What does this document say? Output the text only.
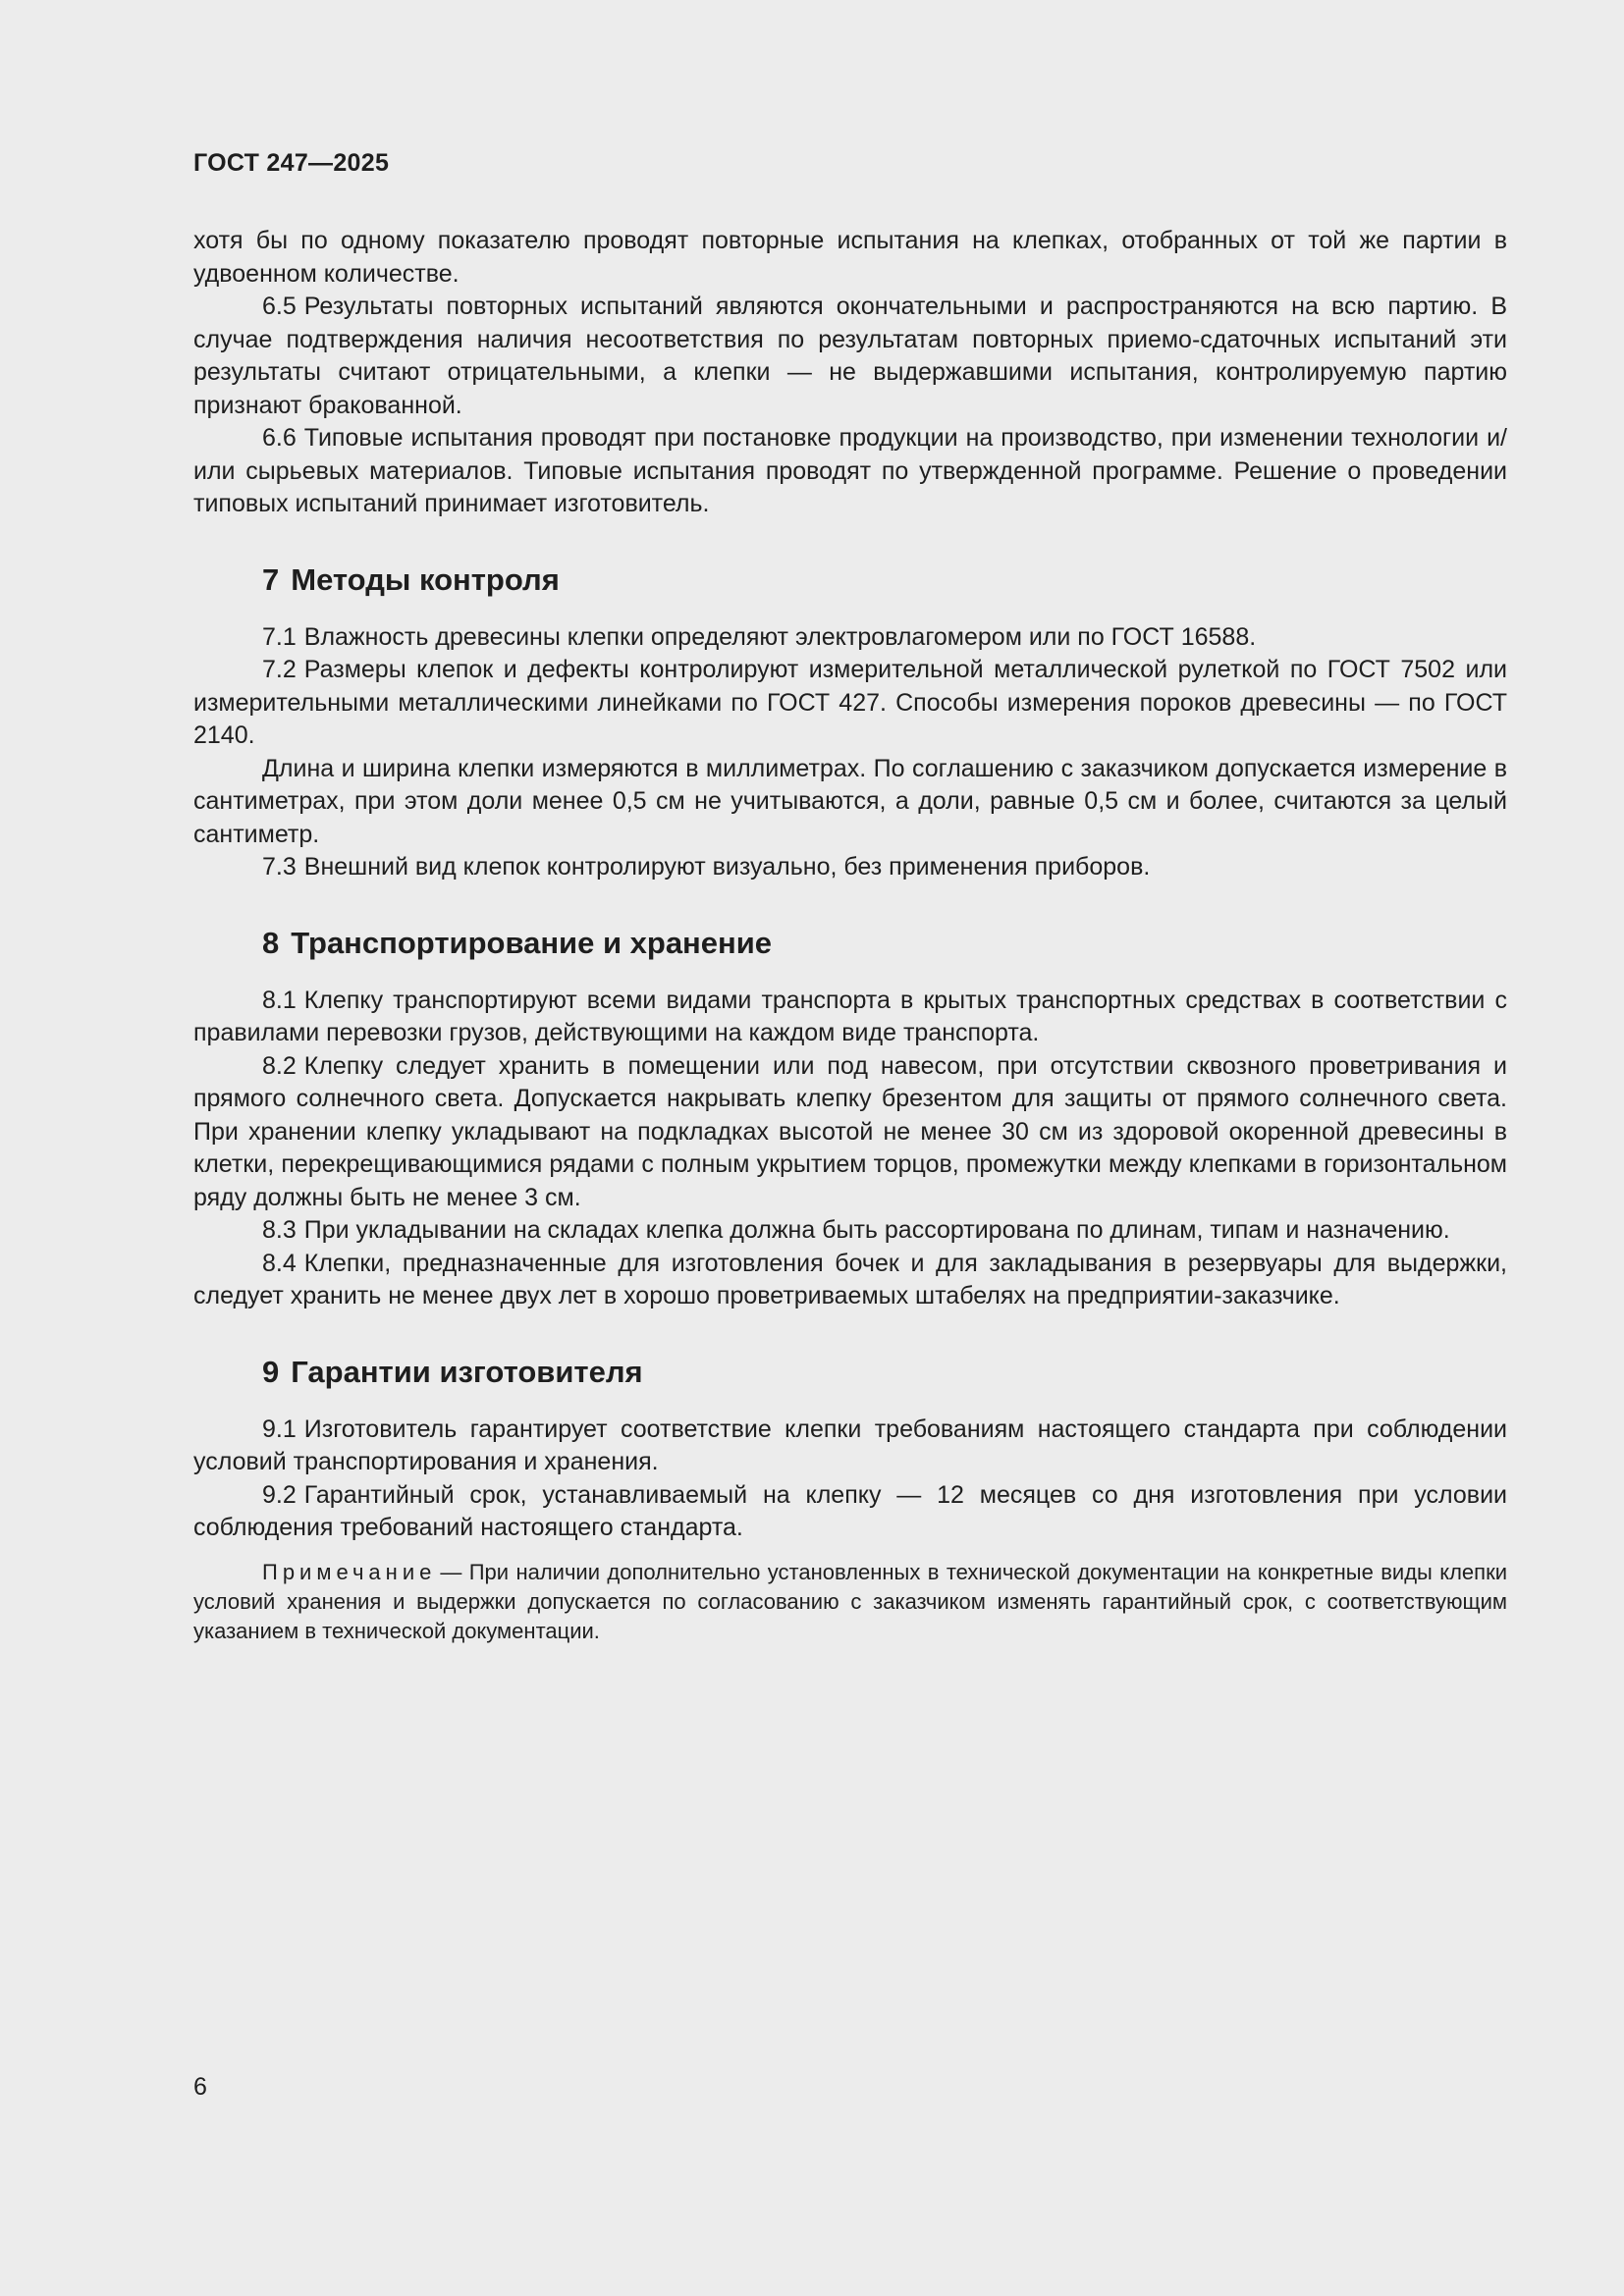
ГОСТ 247—2025

хотя бы по одному показателю проводят повторные испытания на клепках, отобранных от той же партии в удвоенном количестве.

6.5 Результаты повторных испытаний являются окончательными и распространяются на всю партию. В случае подтверждения наличия несоответствия по результатам повторных приемо-сдаточных испытаний эти результаты считают отрицательными, а клепки — не выдержавшими испытания, контролируемую партию признают бракованной.

6.6 Типовые испытания проводят при постановке продукции на производство, при изменении технологии и/или сырьевых материалов. Типовые испытания проводят по утвержденной программе. Решение о проведении типовых испытаний принимает изготовитель.

7 Методы контроля

7.1 Влажность древесины клепки определяют электровлагомером или по ГОСТ 16588.

7.2 Размеры клепок и дефекты контролируют измерительной металлической рулеткой по ГОСТ 7502 или измерительными металлическими линейками по ГОСТ 427. Способы измерения пороков древесины — по ГОСТ 2140.

Длина и ширина клепки измеряются в миллиметрах. По соглашению с заказчиком допускается измерение в сантиметрах, при этом доли менее 0,5 см не учитываются, а доли, равные 0,5 см и более, считаются за целый сантиметр.

7.3 Внешний вид клепок контролируют визуально, без применения приборов.

8 Транспортирование и хранение

8.1 Клепку транспортируют всеми видами транспорта в крытых транспортных средствах в соответствии с правилами перевозки грузов, действующими на каждом виде транспорта.

8.2 Клепку следует хранить в помещении или под навесом, при отсутствии сквозного проветривания и прямого солнечного света. Допускается накрывать клепку брезентом для защиты от прямого солнечного света. При хранении клепку укладывают на подкладках высотой не менее 30 см из здоровой окоренной древесины в клетки, перекрещивающимися рядами с полным укрытием торцов, промежутки между клепками в горизонтальном ряду должны быть не менее 3 см.

8.3 При укладывании на складах клепка должна быть рассортирована по длинам, типам и назначению.

8.4 Клепки, предназначенные для изготовления бочек и для закладывания в резервуары для выдержки, следует хранить не менее двух лет в хорошо проветриваемых штабелях на предприятии-заказчике.

9 Гарантии изготовителя

9.1 Изготовитель гарантирует соответствие клепки требованиям настоящего стандарта при соблюдении условий транспортирования и хранения.

9.2 Гарантийный срок, устанавливаемый на клепку — 12 месяцев со дня изготовления при условии соблюдения требований настоящего стандарта.

Примечание — При наличии дополнительно установленных в технической документации на конкретные виды клепки условий хранения и выдержки допускается по согласованию с заказчиком изменять гарантийный срок, с соответствующим указанием в технической документации.

6
